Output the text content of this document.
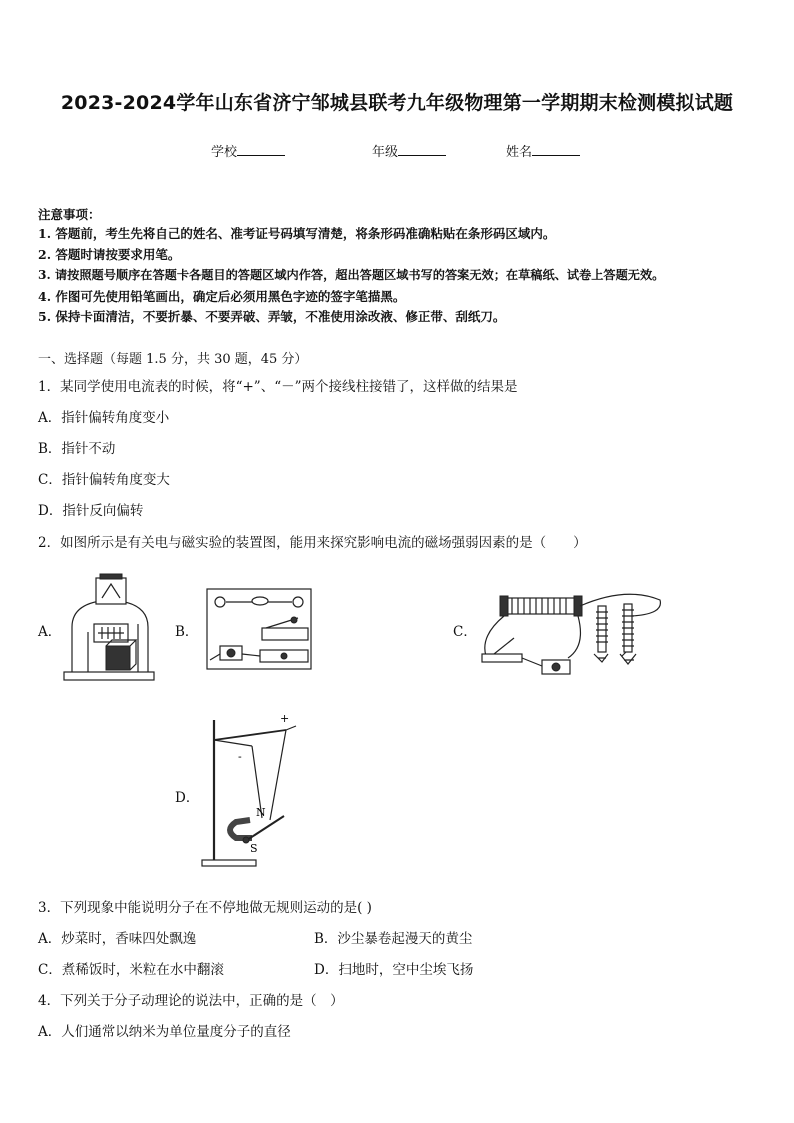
2023-2024学年山东省济宁邹城县联考九年级物理第一学期期末检测模拟试题
学校	年级	姓名
注意事项：
1. 答题前，考生先将自己的姓名、准考证号码填写清楚，将条形码准确粘贴在条形码区域内。
2. 答题时请按要求用笔。
3. 请按照题号顺序在答题卡各题目的答题区域内作答，超出答题区域书写的答案无效；在草稿纸、试卷上答题无效。
4. 作图可先使用铅笔画出，确定后必须用黑色字迹的签字笔描黑。
5. 保持卡面清洁，不要折暴、不要弄破、弄皱，不准使用涂改液、修正带、刮纸刀。
一、选择题（每题 1.5 分，共 30 题，45 分）
1．某同学使用电流表的时候，将“+”、“－”两个接线柱接错了，这样做的结果是
A．指针偏转角度变小
B．指针不动
C．指针偏转角度变大
D．指针反向偏转
2．如图所示是有关电与磁实验的装置图，能用来探究影响电流的磁场强弱因素的是（　　）
A．	B．	C．
D．
+
-
N
S
3．下列现象中能说明分子在不停地做无规则运动的是( )
A．炒菜时，香味四处飘逸	B．沙尘暴卷起漫天的黄尘
C．煮稀饭时，米粒在水中翻滚	D．扫地时，空中尘埃飞扬
4．下列关于分子动理论的说法中，正确的是（　）
A．人们通常以纳米为单位量度分子的直径
